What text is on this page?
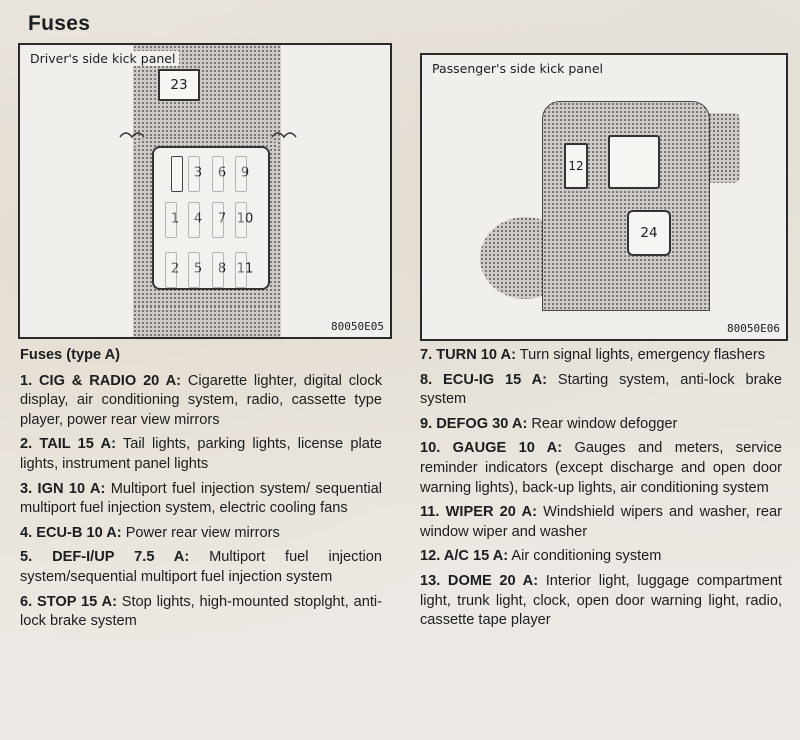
Fuses
Driver's side kick panel
23
3 6 9
1 4 7 10
2 5 8 11
80050E05
Passenger's side kick panel
12
24
80050E06
Fuses (type A)
1. CIG & RADIO 20 A: Cigarette lighter, digital clock display, air conditioning system, radio, cassette type player, power rear view mirrors
2. TAIL 15 A: Tail lights, parking lights, license plate lights, instrument panel lights
3. IGN 10 A: Multiport fuel injection system/ sequential multiport fuel injection system, electric cooling fans
4. ECU-B 10 A: Power rear view mirrors
5. DEF-I/UP 7.5 A: Multiport fuel injection system/sequential multiport fuel injection system
6. STOP 15 A: Stop lights, high-mounted stoplght, anti-lock brake system
7. TURN 10 A: Turn signal lights, emergency flashers
8. ECU-IG 15 A: Starting system, anti-lock brake system
9. DEFOG 30 A: Rear window defogger
10. GAUGE 10 A: Gauges and meters, service reminder indicators (except discharge and open door warning lights), back-up lights, air conditioning system
11. WIPER 20 A: Windshield wipers and washer, rear window wiper and washer
12. A/C 15 A: Air conditioning system
13. DOME 20 A: Interior light, luggage compartment light, trunk light, clock, open door warning light, radio, cassette tape player
